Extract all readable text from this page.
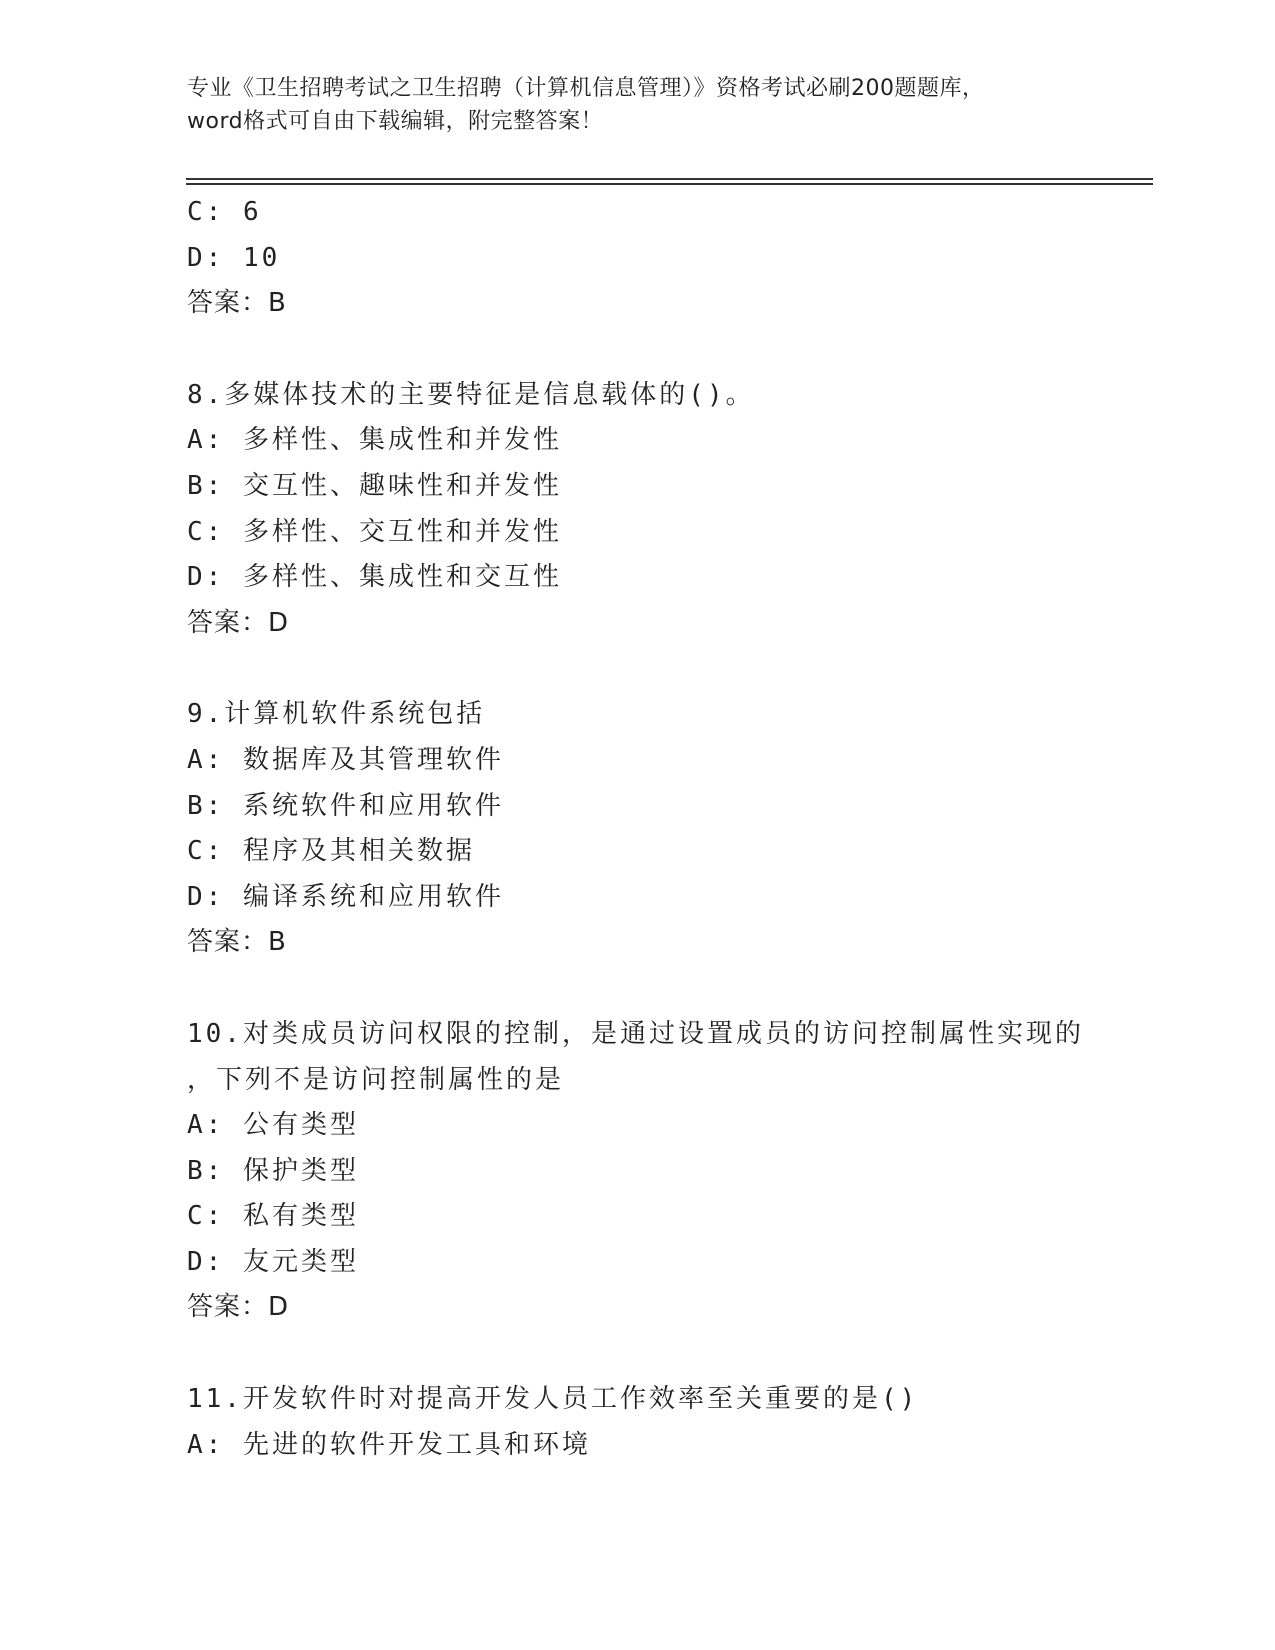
专业《卫生招聘考试之卫生招聘（计算机信息管理）》资格考试必刷200题题库，
word格式可自由下载编辑，附完整答案！
C: 6
D: 10
答案：B
8.多媒体技术的主要特征是信息载体的()。
A: 多样性、集成性和并发性
B: 交互性、趣味性和并发性
C: 多样性、交互性和并发性
D: 多样性、集成性和交互性
答案：D
9.计算机软件系统包括
A: 数据库及其管理软件
B: 系统软件和应用软件
C: 程序及其相关数据
D: 编译系统和应用软件
答案：B
10.对类成员访问权限的控制，是通过设置成员的访问控制属性实现的
，下列不是访问控制属性的是
A: 公有类型
B: 保护类型
C: 私有类型
D: 友元类型
答案：D
11.开发软件时对提高开发人员工作效率至关重要的是()
A: 先进的软件开发工具和环境
